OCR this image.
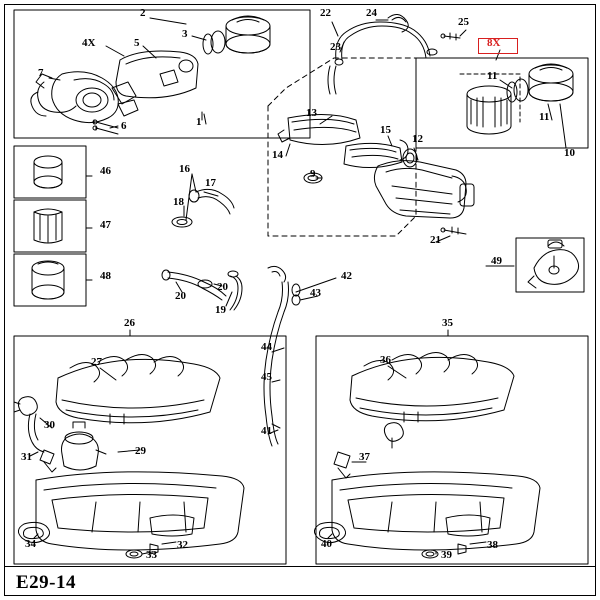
1
2
3
4X	5
6
7
8X
9
10
11
11
12
13
14
15
16
17
18
19
20
20
21
22
23
24
25
26
27
29
30
31
32
33
34
35
36
37
38
39
40
41
42
43
44
45
46
47
48
49
E29-14
